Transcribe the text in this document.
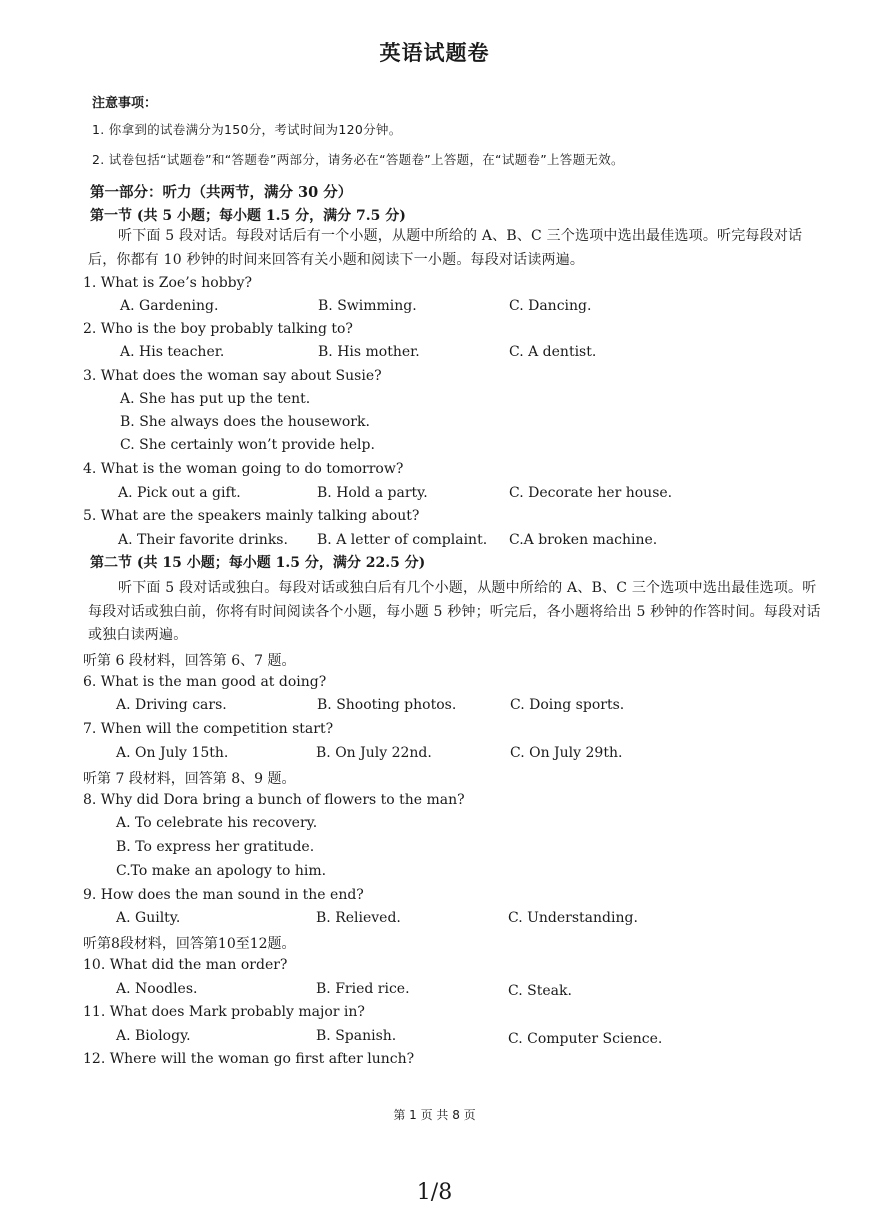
英语试题卷
注意事项：
1. 你拿到的试卷满分为150分，考试时间为120分钟。
2. 试卷包括“试题卷”和“答题卷”两部分，请务必在“答题卷”上答题，在“试题卷”上答题无效。
第一部分：听力（共两节，满分 30 分）
第一节 (共 5 小题；每小题 1.5 分，满分 7.5 分)
听下面 5 段对话。每段对话后有一个小题，从题中所给的 A、B、C 三个选项中选出最佳选项。听完每段对话后，你都有 10 秒钟的时间来回答有关小题和阅读下一小题。每段对话读两遍。
1. What is Zoe’s hobby?
A. Gardening.	B. Swimming.	C. Dancing.
2. Who is the boy probably talking to?
A. His teacher.	B. His mother.	C. A dentist.
3. What does the woman say about Susie?
A. She has put up the tent.
B. She always does the housework.
C. She certainly won’t provide help.
4. What is the woman going to do tomorrow?
A. Pick out a gift.	B. Hold a party.	C. Decorate her house.
5. What are the speakers mainly talking about?
A. Their favorite drinks. B. A letter of complaint. C.A broken machine.
第二节 (共 15 小题；每小题 1.5 分，满分 22.5 分)
听下面 5 段对话或独白。每段对话或独白后有几个小题，从题中所给的 A、B、C 三个选项中选出最佳选项。听每段对话或独白前，你将有时间阅读各个小题，每小题 5 秒钟；听完后，各小题将给出 5 秒钟的作答时间。每段对话或独白读两遍。
听第 6 段材料，回答第 6、7 题。
6. What is the man good at doing?
A. Driving cars.	B. Shooting photos.	C. Doing sports.
7. When will the competition start?
A. On July 15th.	B. On July 22nd.	C. On July 29th.
听第 7 段材料，回答第 8、9 题。
8. Why did Dora bring a bunch of flowers to the man?
A. To celebrate his recovery.
B. To express her gratitude.
C.To make an apology to him.
9. How does the man sound in the end?
A. Guilty.	B. Relieved.	C. Understanding.
听第8段材料，回答第10至12题。
10. What did the man order?
A. Noodles.	B. Fried rice.	C. Steak.
11. What does Mark probably major in?
A. Biology.	B. Spanish.	C. Computer Science.
12. Where will the woman go first after lunch?
第 1 页 共 8 页
1/8
